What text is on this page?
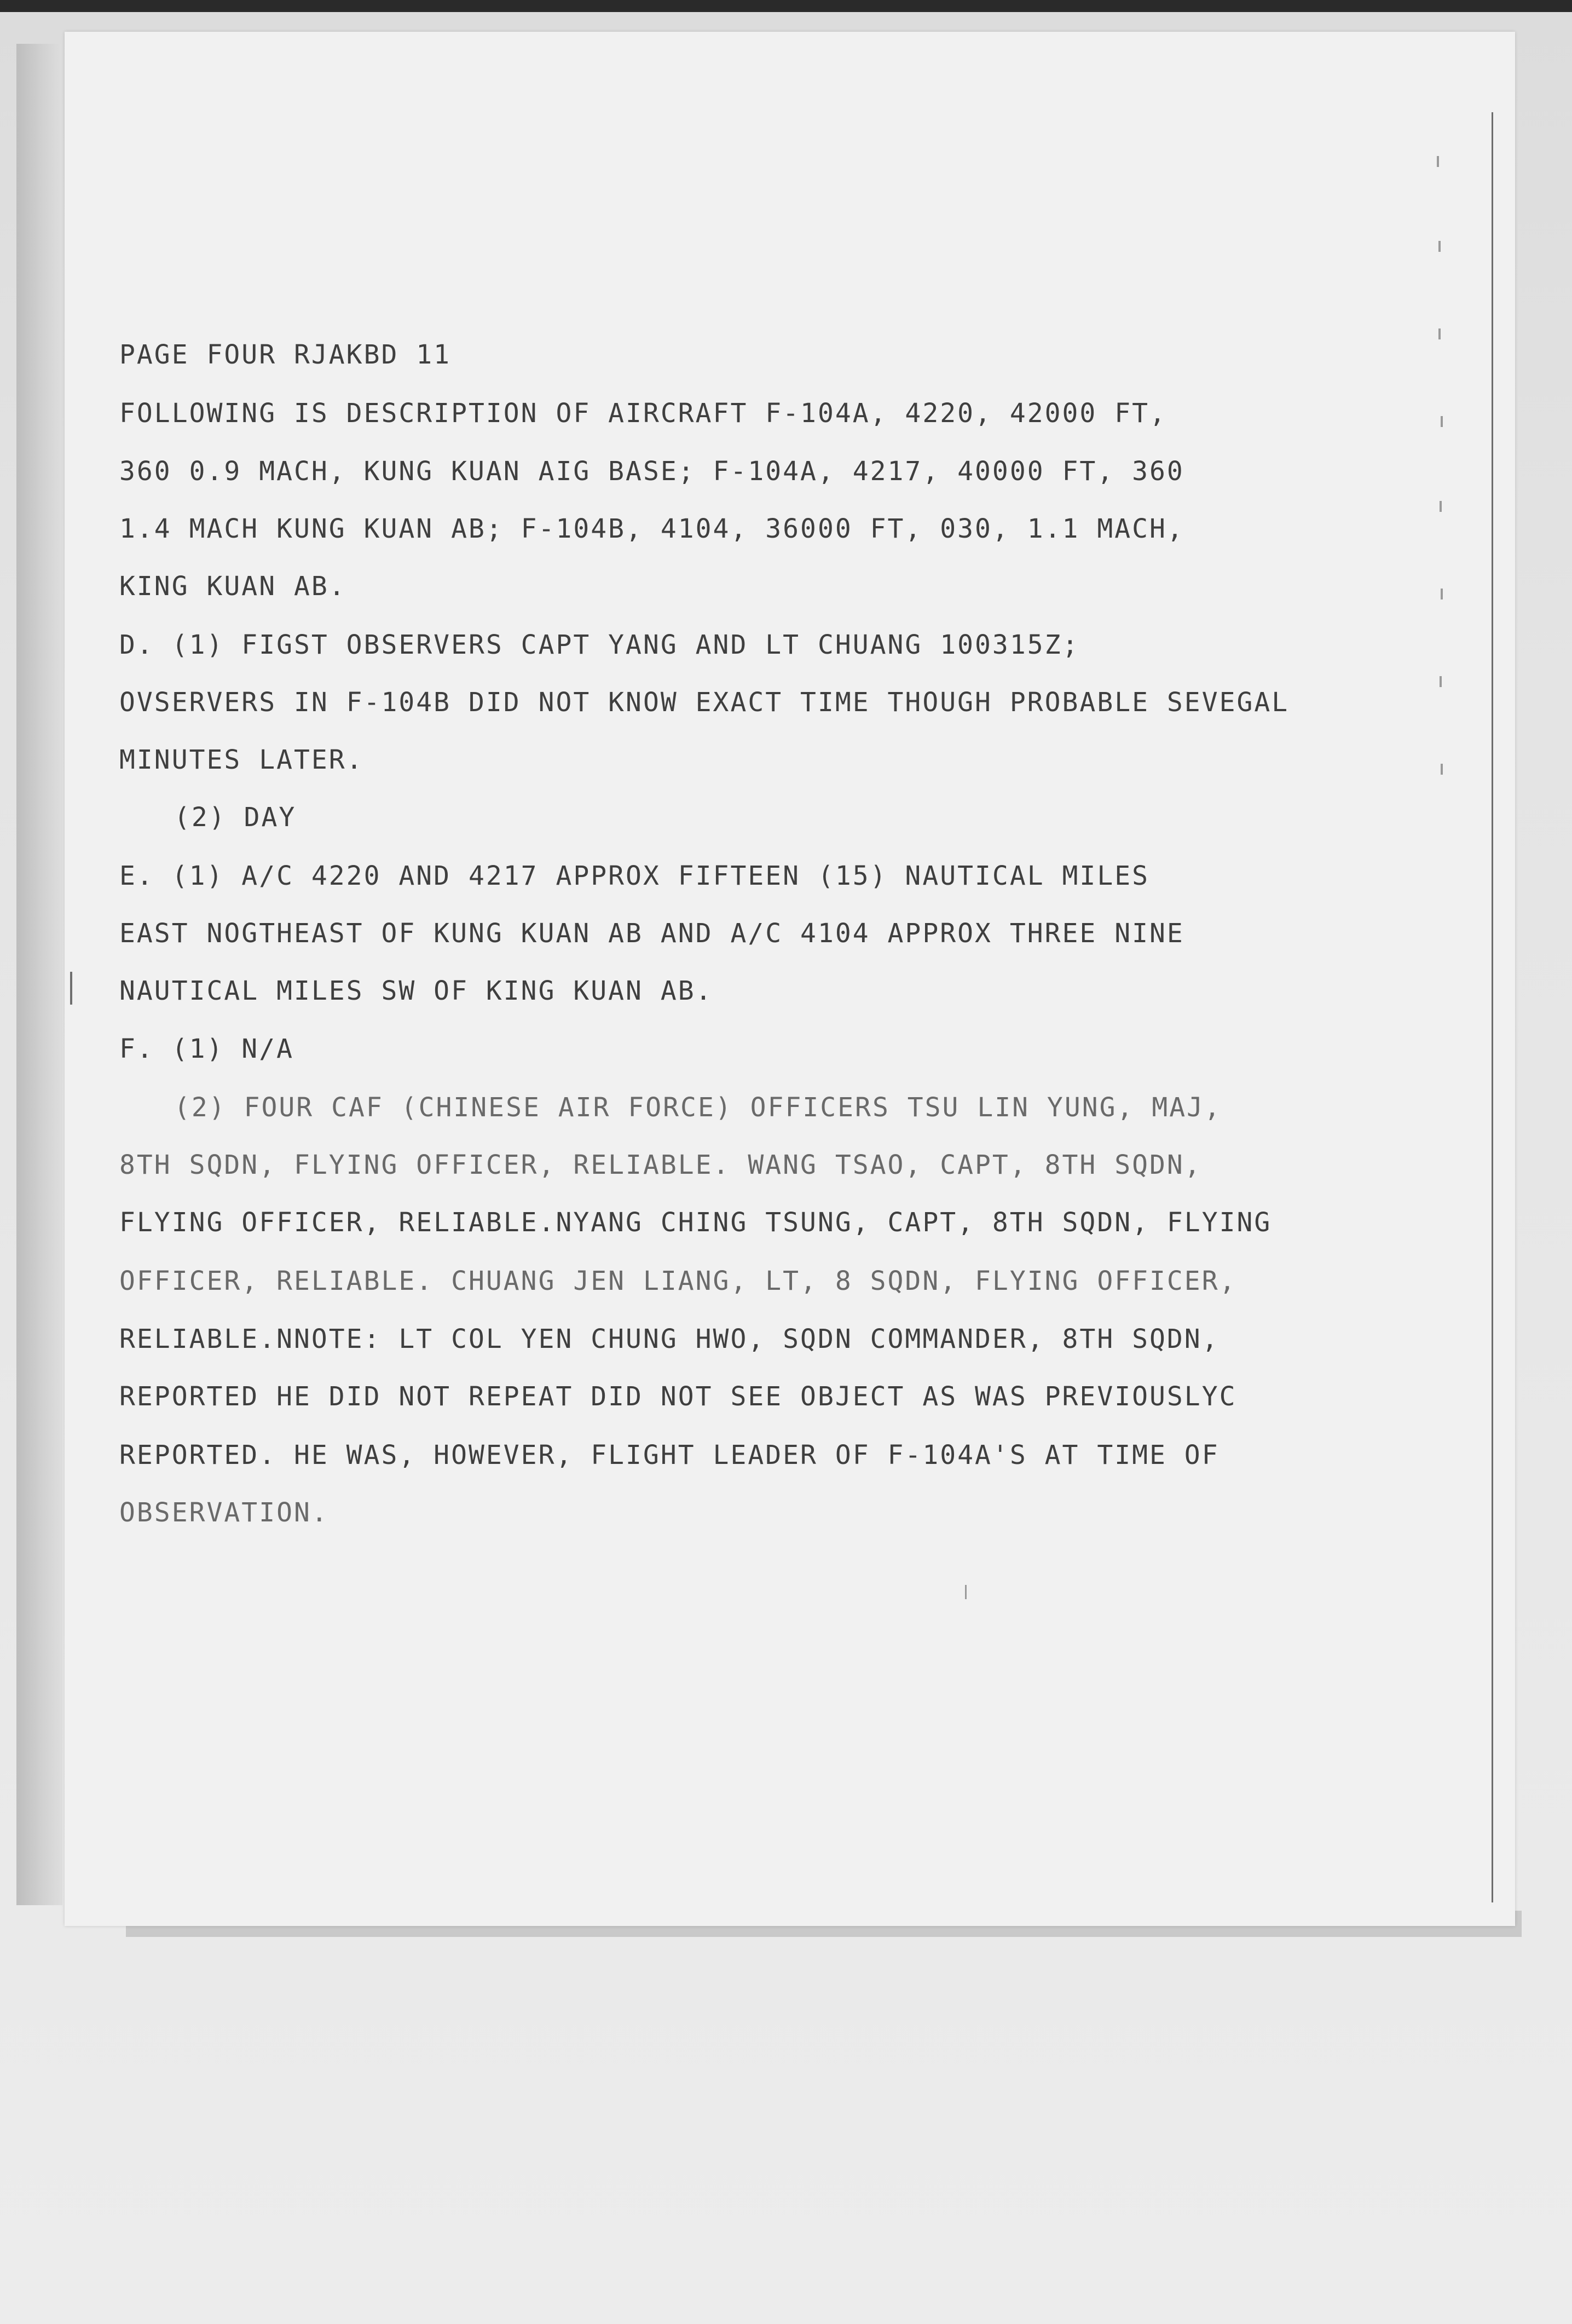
PAGE FOUR RJAKBD 11
FOLLOWING IS DESCRIPTION OF AIRCRAFT F-104A, 4220, 42000 FT,
360 0.9 MACH, KUNG KUAN AIG BASE; F-104A, 4217, 40000 FT, 360
1.4 MACH KUNG KUAN AB; F-104B, 4104, 36000 FT, 030, 1.1 MACH,
KING KUAN AB.
D. (1) FIGST OBSERVERS CAPT YANG AND LT CHUANG 100315Z;
OVSERVERS IN F-104B DID NOT KNOW EXACT TIME THOUGH PROBABLE SEVEGAL
MINUTES LATER.
(2) DAY
E. (1) A/C 4220 AND 4217 APPROX FIFTEEN (15) NAUTICAL MILES
EAST NOGTHEAST OF KUNG KUAN AB AND A/C 4104 APPROX THREE NINE
NAUTICAL MILES SW OF KING KUAN AB.
F. (1) N/A
(2) FOUR CAF (CHINESE AIR FORCE) OFFICERS TSU LIN YUNG, MAJ,
8TH SQDN, FLYING OFFICER, RELIABLE. WANG TSAO, CAPT, 8TH SQDN,
FLYING OFFICER, RELIABLE.NYANG CHING TSUNG, CAPT, 8TH SQDN, FLYING
OFFICER, RELIABLE. CHUANG JEN LIANG, LT, 8 SQDN, FLYING OFFICER,
RELIABLE.NNOTE: LT COL YEN CHUNG HWO, SQDN COMMANDER, 8TH SQDN,
REPORTED HE DID NOT REPEAT DID NOT SEE OBJECT AS WAS PREVIOUSLYC
REPORTED. HE WAS, HOWEVER, FLIGHT LEADER OF F-104A'S AT TIME OF
OBSERVATION.
